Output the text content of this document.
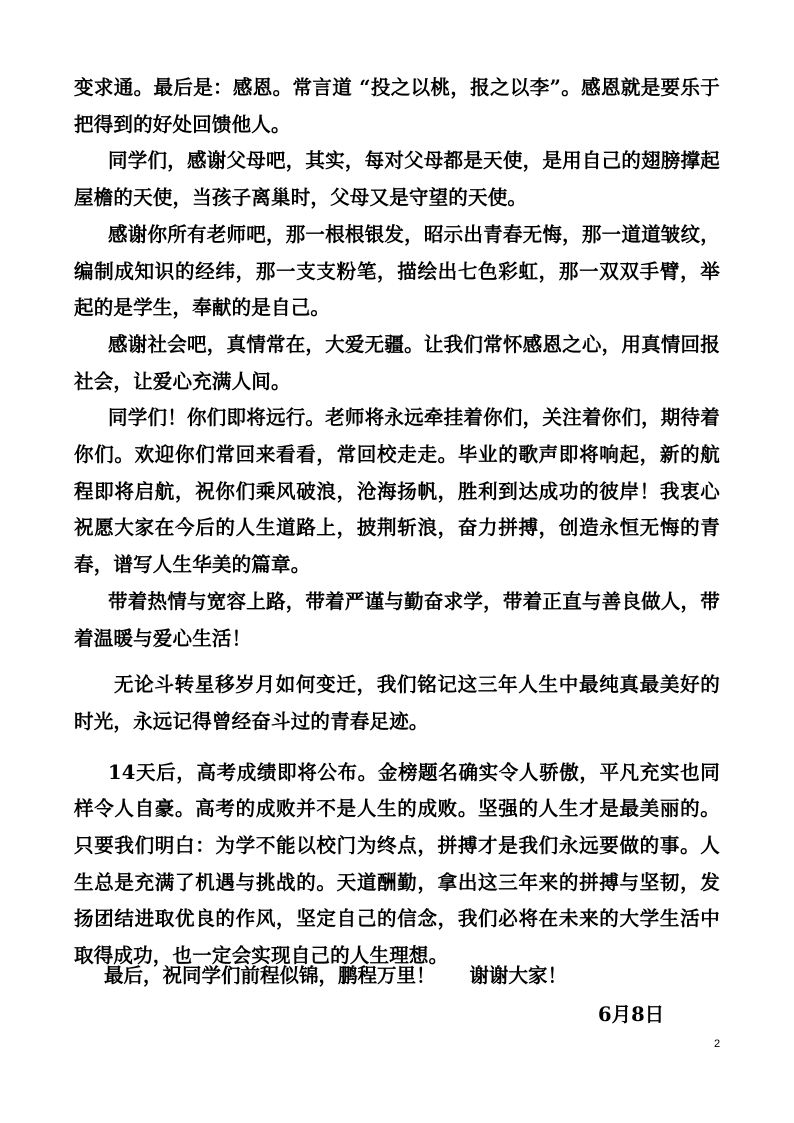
变求通。最后是：感恩。常言道 “投之以桃，报之以李”。感恩就是要乐于把得到的好处回馈他人。

同学们，感谢父母吧，其实，每对父母都是天使，是用自己的翅膀撑起屋檐的天使，当孩子离巢时，父母又是守望的天使。

感谢你所有老师吧，那一根根银发，昭示出青春无悔，那一道道皱纹，编制成知识的经纬，那一支支粉笔，描绘出七色彩虹，那一双双手臂，举起的是学生，奉献的是自己。

感谢社会吧，真情常在，大爱无疆。让我们常怀感恩之心，用真情回报社会，让爱心充满人间。

同学们！你们即将远行。老师将永远牵挂着你们，关注着你们，期待着你们。欢迎你们常回来看看，常回校走走。毕业的歌声即将响起，新的航程即将启航，祝你们乘风破浪，沧海扬帆，胜利到达成功的彼岸！我衷心祝愿大家在今后的人生道路上，披荆斩浪，奋力拼搏，创造永恒无悔的青春，谱写人生华美的篇章。

带着热情与宽容上路，带着严谨与勤奋求学，带着正直与善良做人，带着温暖与爱心生活！

无论斗转星移岁月如何变迁，我们铭记这三年人生中最纯真最美好的时光，永远记得曾经奋斗过的青春足迹。

14天后，高考成绩即将公布。金榜题名确实令人骄傲，平凡充实也同样令人自豪。高考的成败并不是人生的成败。坚强的人生才是最美丽的。只要我们明白：为学不能以校门为终点，拼搏才是我们永远要做的事。人生总是充满了机遇与挑战的。天道酬勤，拿出这三年来的拼搏与坚韧，发扬团结进取优良的作风，坚定自己的信念，我们必将在未来的大学生活中取得成功，也一定会实现自己的人生理想。

最后，祝同学们前程似锦，鹏程万里！     谢谢大家！
6月8日
2
